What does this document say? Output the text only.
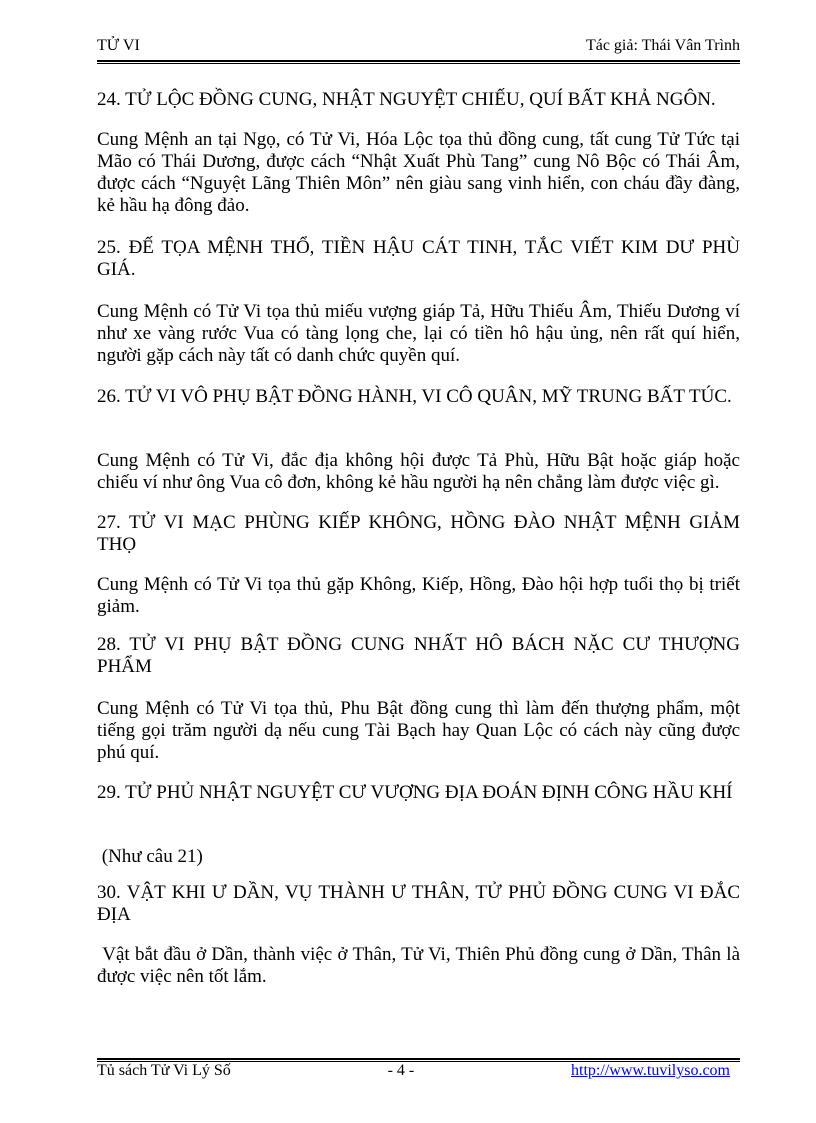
TỬ VI	Tác giả: Thái Vân Trình
24. TỬ LỘC ĐỒNG CUNG, NHẬT NGUYỆT CHIẾU, QUÍ BẤT KHẢ NGÔN.
Cung Mệnh an tại Ngọ, có Tử Vi, Hóa Lộc tọa thủ đồng cung, tất cung Tử Tức tại Mão có Thái Dương, được cách “Nhật Xuất Phù Tang” cung Nô Bộc có Thái Âm, được cách “Nguyệt Lãng Thiên Môn” nên giàu sang vinh hiển, con cháu đầy đàng, kẻ hầu hạ đông đảo.
25. ĐẾ TỌA MỆNH THỔ, TIỀN HẬU CÁT TINH, TẮC VIẾT KIM DƯ PHÙ GIÁ.
Cung Mệnh có Tử Vi tọa thủ miếu vượng giáp Tả, Hữu Thiếu Âm, Thiếu Dương ví như xe vàng rước Vua có tàng lọng che, lại có tiền hô hậu ủng, nên rất quí hiển, người gặp cách này tất có danh chức quyền quí.
26. TỬ VI VÔ PHỤ BẬT ĐỒNG HÀNH, VI CÔ QUÂN, MỸ TRUNG BẤT TÚC.
Cung Mệnh có Tử Vi, đắc địa không hội được Tả Phù, Hữu Bật hoặc giáp hoặc chiếu ví như ông Vua cô đơn, không kẻ hầu người hạ nên chẳng làm được việc gì.
27. TỬ VI MẠC PHÙNG KIẾP KHÔNG, HỒNG ĐÀO NHẬT MỆNH GIẢM THỌ
Cung Mệnh có Tử Vi tọa thủ gặp Không, Kiếp, Hồng, Đào hội hợp tuổi thọ bị triết giảm.
28. TỬ VI PHỤ BẬT ĐỒNG CUNG NHẤT HÔ BÁCH NẶC CƯ THƯỢNG PHẨM
Cung Mệnh có Tử Vi tọa thủ, Phu Bật đồng cung thì làm đến thượng phẩm, một tiếng gọi trăm người dạ nếu cung Tài Bạch hay Quan Lộc có cách này cũng được phú quí.
29. TỬ PHỦ NHẬT NGUYỆT CƯ VƯỢNG ĐỊA ĐOÁN ĐỊNH CÔNG HẦU KHÍ
(Như câu 21)
30. VẬT KHI Ư DẦN, VỤ THÀNH Ư THÂN, TỬ PHỦ ĐỒNG CUNG VI ĐẮC ĐỊA
Vật bắt đầu ở Dần, thành việc ở Thân, Tử Vi, Thiên Phủ đồng cung ở Dần, Thân là được việc nên tốt lắm.
Tủ sách Tử Vi Lý Số	- 4 -	http://www.tuvilyso.com
